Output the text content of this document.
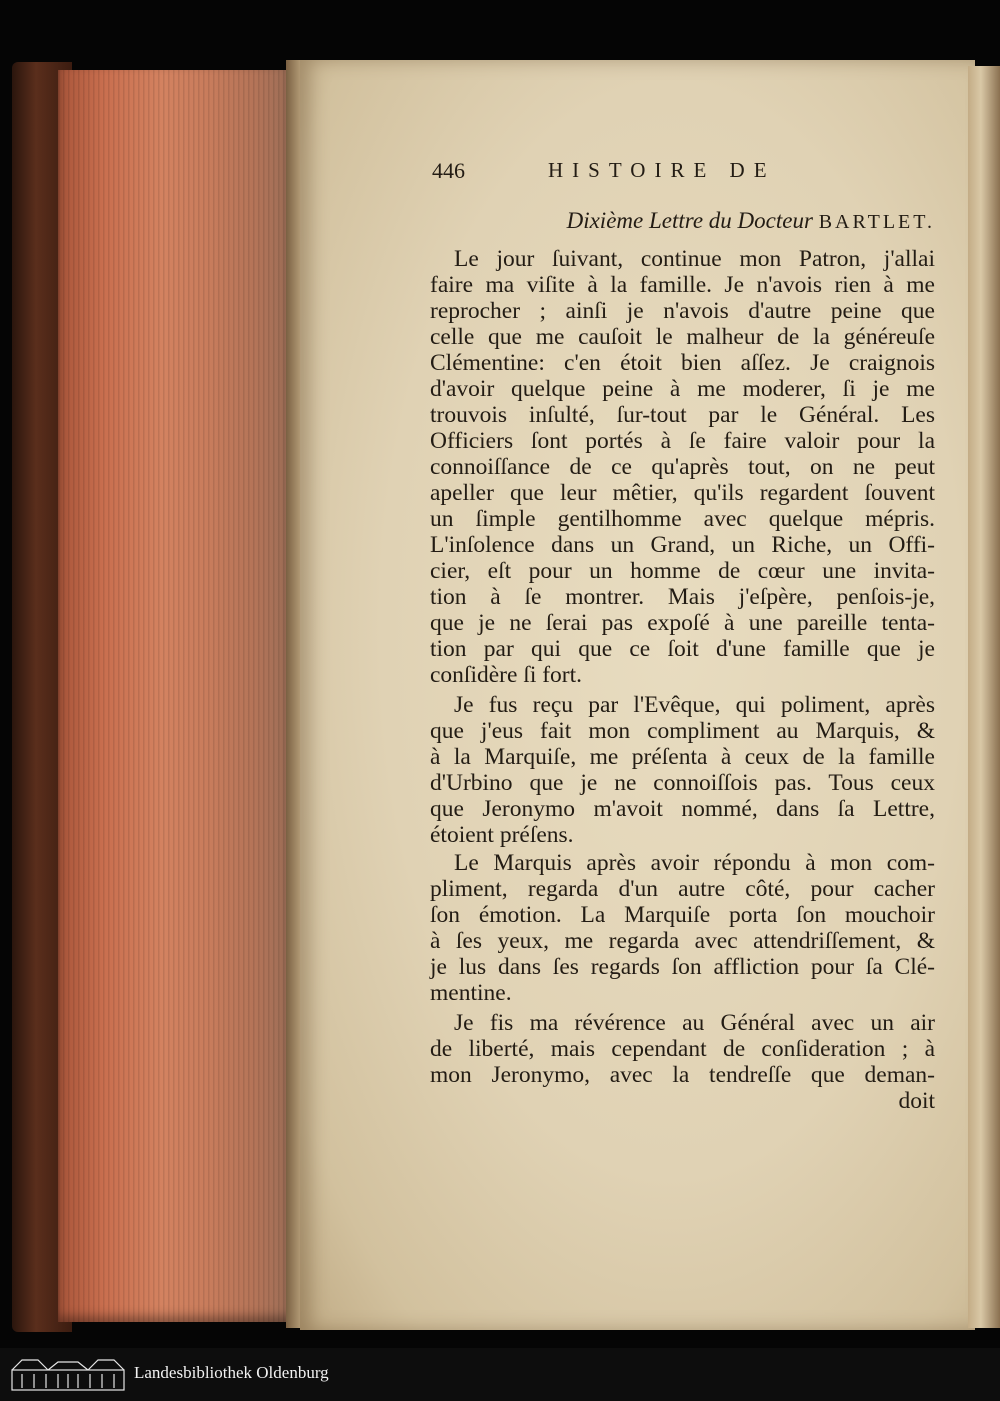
446	HISTOIRE DE
Dixième Lettre du Docteur BARTLET.
Le jour ſuivant, continue mon Patron, j'allai
faire ma viſite à la famille. Je n'avois rien à me
reprocher ; ainſi je n'avois d'autre peine que
celle que me cauſoit le malheur de la généreuſe
Clémentine: c'en étoit bien aſſez. Je craignois
d'avoir quelque peine à me moderer, ſi je me
trouvois inſulté, ſur-tout par le Général. Les
Officiers ſont portés à ſe faire valoir pour la
connoiſſance de ce qu'après tout, on ne peut
apeller que leur mêtier, qu'ils regardent ſouvent
un ſimple gentilhomme avec quelque mépris.
L'inſolence dans un Grand, un Riche, un Offi-
cier, eſt pour un homme de cœur une invita-
tion à ſe montrer. Mais j'eſpère, penſois-je,
que je ne ſerai pas expoſé à une pareille tenta-
tion par qui que ce ſoit d'une famille que je
conſidère ſi fort.
Je fus reçu par l'Evêque, qui poliment, après
que j'eus fait mon compliment au Marquis, &
à la Marquiſe, me préſenta à ceux de la famille
d'Urbino que je ne connoiſſois pas. Tous ceux
que Jeronymo m'avoit nommé, dans ſa Lettre,
étoient préſens.
Le Marquis après avoir répondu à mon com-
pliment, regarda d'un autre côté, pour cacher
ſon émotion. La Marquiſe porta ſon mouchoir
à ſes yeux, me regarda avec attendriſſement, &
je lus dans ſes regards ſon affliction pour ſa Clé-
mentine.
Je fis ma révérence au Général avec un air
de liberté, mais cependant de conſideration ; à
mon Jeronymo, avec la tendreſſe que deman-
doit
Landesbibliothek Oldenburg
